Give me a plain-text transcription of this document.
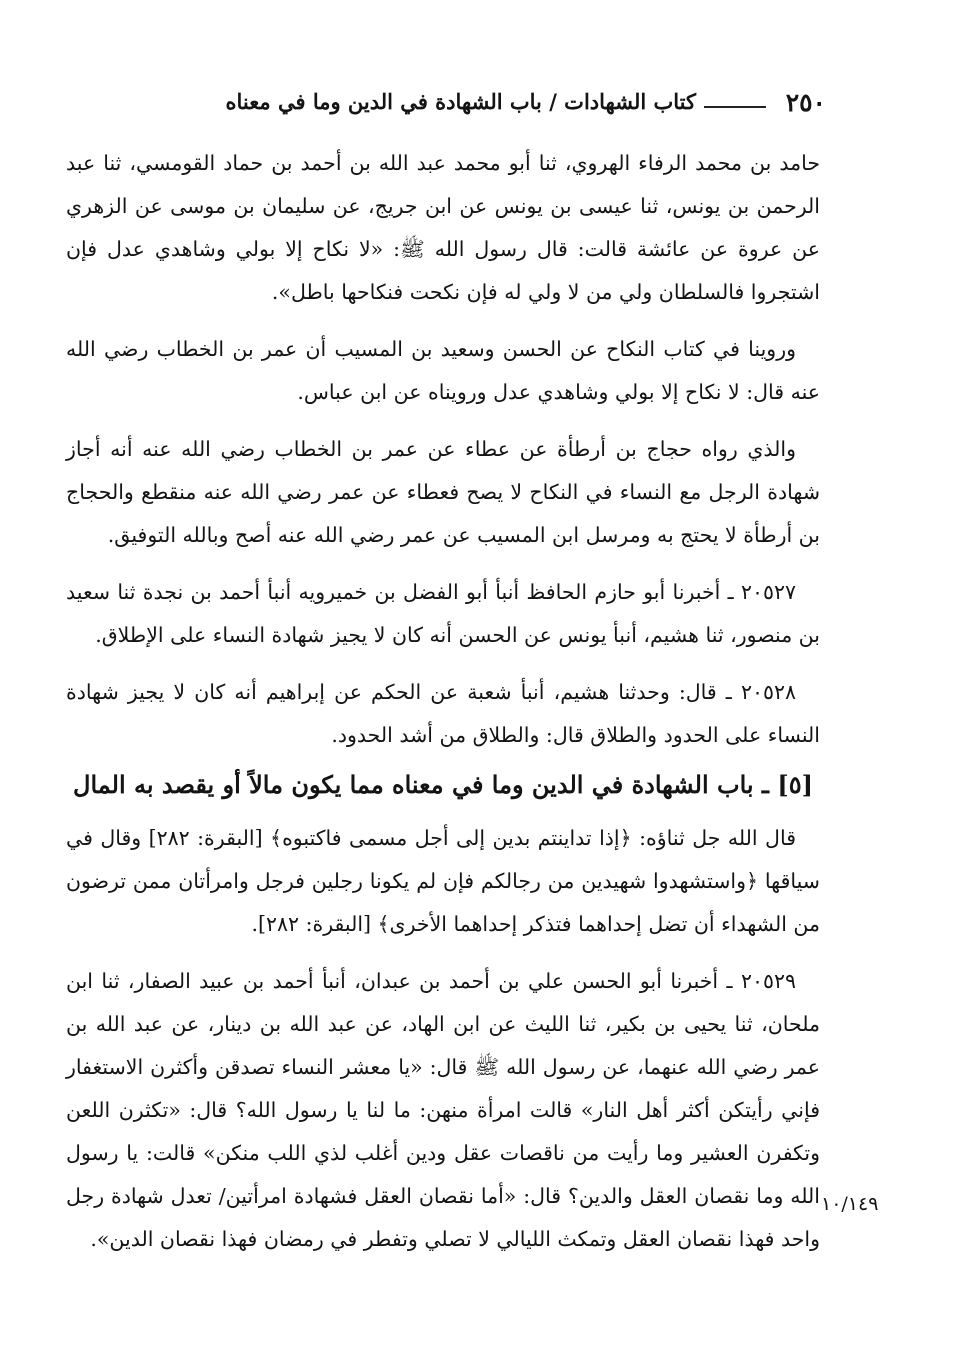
٢٥٠
كتاب الشهادات / باب الشهادة في الدين وما في معناه

حامد بن محمد الرفاء الهروي، ثنا أبو محمد عبد الله بن أحمد بن حماد القومسي، ثنا عبد الرحمن بن يونس، ثنا عيسى بن يونس عن ابن جريج، عن سليمان بن موسى عن الزهري عن عروة عن عائشة قالت: قال رسول الله ﷺ: «لا نكاح إلا بولي وشاهدي عدل فإن اشتجروا فالسلطان ولي من لا ولي له فإن نكحت فنكاحها باطل».

وروينا في كتاب النكاح عن الحسن وسعيد بن المسيب أن عمر بن الخطاب رضي الله عنه قال: لا نكاح إلا بولي وشاهدي عدل ورويناه عن ابن عباس.

والذي رواه حجاج بن أرطأة عن عطاء عن عمر بن الخطاب رضي الله عنه أنه أجاز شهادة الرجل مع النساء في النكاح لا يصح فعطاء عن عمر رضي الله عنه منقطع والحجاج بن أرطأة لا يحتج به ومرسل ابن المسيب عن عمر رضي الله عنه أصح وبالله التوفيق.

٢٠٥٢٧ ـ أخبرنا أبو حازم الحافظ أنبأ أبو الفضل بن خميرويه أنبأ أحمد بن نجدة ثنا سعيد بن منصور، ثنا هشيم، أنبأ يونس عن الحسن أنه كان لا يجيز شهادة النساء على الإطلاق.

٢٠٥٢٨ ـ قال: وحدثنا هشيم، أنبأ شعبة عن الحكم عن إبراهيم أنه كان لا يجيز شهادة النساء على الحدود والطلاق قال: والطلاق من أشد الحدود.

[٥] ـ باب الشهادة في الدين وما في معناه مما يكون مالاً أو يقصد به المال

قال الله جل ثناؤه: ﴿إذا تداينتم بدين إلى أجل مسمى فاكتبوه﴾ [البقرة: ٢٨٢] وقال في سياقها ﴿واستشهدوا شهيدين من رجالكم فإن لم يكونا رجلين فرجل وامرأتان ممن ترضون من الشهداء أن تضل إحداهما فتذكر إحداهما الأخرى﴾ [البقرة: ٢٨٢].

٢٠٥٢٩ ـ أخبرنا أبو الحسن علي بن أحمد بن عبدان، أنبأ أحمد بن عبيد الصفار، ثنا ابن ملحان، ثنا يحيى بن بكير، ثنا الليث عن ابن الهاد، عن عبد الله بن دينار، عن عبد الله بن عمر رضي الله عنهما، عن رسول الله ﷺ قال: «يا معشر النساء تصدقن وأكثرن الاستغفار فإني رأيتكن أكثر أهل النار» قالت امرأة منهن: ما لنا يا رسول الله؟ قال: «تكثرن اللعن وتكفرن العشير وما رأيت من ناقصات عقل ودين أغلب لذي اللب منكن» قالت: يا رسول الله وما نقصان العقل والدين؟ قال: «أما نقصان العقل فشهادة امرأتين/ تعدل شهادة رجل واحد فهذا نقصان العقل وتمكث الليالي لا تصلي وتفطر في رمضان فهذا نقصان الدين».

١٠/١٤٩
